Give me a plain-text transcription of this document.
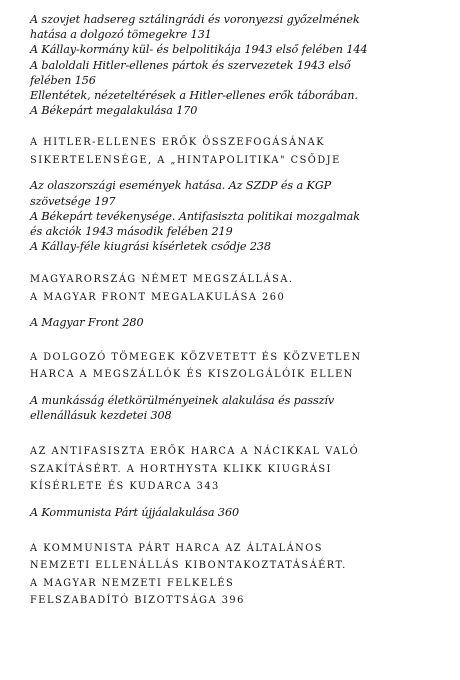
A szovjet hadsereg sztálingrádi és voronyezsi győzelmének

hatása a dolgozó tömegekre 131

A Kállay-kormány kül- és belpolitikája 1943 első felében 144

A baloldali Hitler-ellenes pártok és szervezetek 1943 első

felében 156

Ellentétek, nézeteltérések a Hitler-ellenes erők táborában.

A Békepárt megalakulása 170

A HITLER-ELLENES ERŐK ÖSSZEFOGÁSÁNAK

SIKERTELENSÉGE, A „HINTAPOLITIKA" CSŐDJE

Az olaszországi események hatása. Az SZDP és a KGP

szövetsége 197

A Békepárt tevékenysége. Antifasiszta politikai mozgalmak

és akciók 1943 második felében 219

A Kállay-féle kiugrási kísérletek csődje 238

MAGYARORSZÁG NÉMET MEGSZÁLLÁSA.

A MAGYAR FRONT MEGALAKULÁSA 260

A Magyar Front 280

A DOLGOZÓ TÖMEGEK KÖZVETETT ÉS KÖZVETLEN

HARCA A MEGSZÁLLÓK ÉS KISZOLGÁLÓIK ELLEN

A munkásság életkörülményeinek alakulása és passzív

ellenállásuk kezdetei 308

AZ ANTIFASISZTA ERŐK HARCA A NÁCIKKAL VALÓ

SZAKÍTÁSÉRT. A HORTHYSTA KLIKK KIUGRÁSI

KÍSÉRLETE ÉS KUDARCA 343

A Kommunista Párt újjáalakulása 360

A KOMMUNISTA PÁRT HARCA AZ ÁLTALÁNOS

NEMZETI ELLENÁLLÁS KIBONTAKOZTATÁSÁÉRT.

A MAGYAR NEMZETI FELKELÉS

FELSZABADÍTÓ BIZOTTSÁGA 396
